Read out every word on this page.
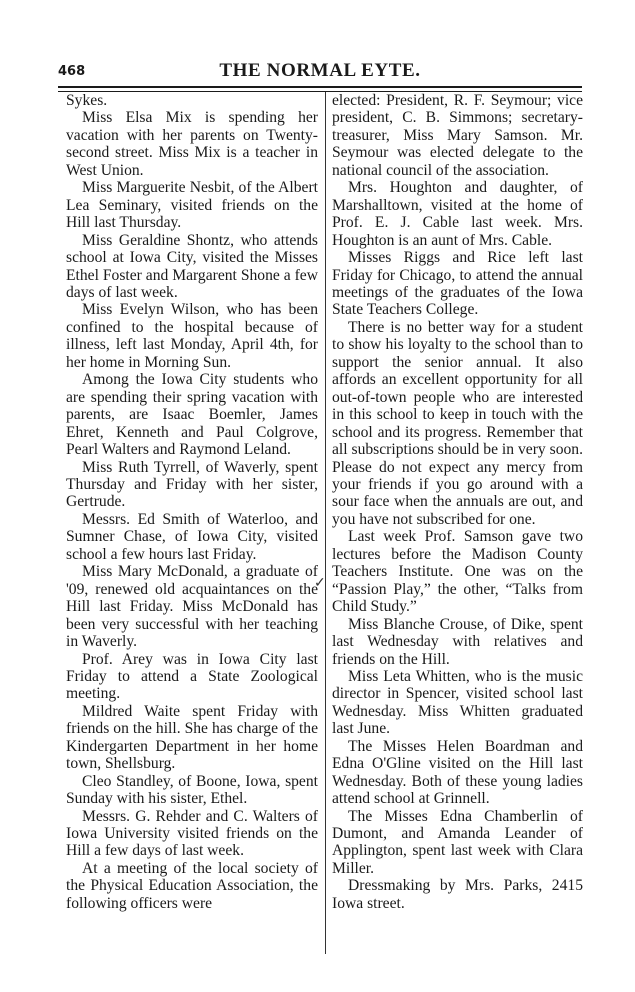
468	THE NORMAL EYTE.

Sykes.

Miss Elsa Mix is spending her vacation with her parents on Twenty-second street. Miss Mix is a teacher in West Union.

Miss Marguerite Nesbit, of the Albert Lea Seminary, visited friends on the Hill last Thursday.

Miss Geraldine Shontz, who attends school at Iowa City, visited the Misses Ethel Foster and Margarent Shone a few days of last week.

Miss Evelyn Wilson, who has been confined to the hospital because of illness, left last Monday, April 4th, for her home in Morning Sun.

Among the Iowa City students who are spending their spring vacation with parents, are Isaac Boemler, James Ehret, Kenneth and Paul Colgrove, Pearl Walters and Raymond Leland.

Miss Ruth Tyrrell, of Waverly, spent Thursday and Friday with her sister, Gertrude.

Messrs. Ed Smith of Waterloo, and Sumner Chase, of Iowa City, visited school a few hours last Friday.

Miss Mary McDonald, a graduate of '09, renewed old acquaintances on the Hill last Friday. Miss McDonald has been very successful with her teaching in Waverly.

Prof. Arey was in Iowa City last Friday to attend a State Zoological meeting.

Mildred Waite spent Friday with friends on the hill. She has charge of the Kindergarten Department in her home town, Shellsburg.

Cleo Standley, of Boone, Iowa, spent Sunday with his sister, Ethel.

Messrs. G. Rehder and C. Walters of Iowa University visited friends on the Hill a few days of last week.

At a meeting of the local society of the Physical Education Association, the following officers were

✓

elected: President, R. F. Seymour; vice president, C. B. Simmons; secretary-treasurer, Miss Mary Samson. Mr. Seymour was elected delegate to the national council of the association.

Mrs. Houghton and daughter, of Marshalltown, visited at the home of Prof. E. J. Cable last week. Mrs. Houghton is an aunt of Mrs. Cable.

Misses Riggs and Rice left last Friday for Chicago, to attend the annual meetings of the graduates of the Iowa State Teachers College.

There is no better way for a student to show his loyalty to the school than to support the senior annual. It also affords an excellent opportunity for all out-of-town people who are interested in this school to keep in touch with the school and its progress. Remember that all subscriptions should be in very soon. Please do not expect any mercy from your friends if you go around with a sour face when the annuals are out, and you have not subscribed for one.

Last week Prof. Samson gave two lectures before the Madison County Teachers Institute. One was on the “Passion Play,” the other, “Talks from Child Study.”

Miss Blanche Crouse, of Dike, spent last Wednesday with relatives and friends on the Hill.

Miss Leta Whitten, who is the music director in Spencer, visited school last Wednesday. Miss Whitten graduated last June.

The Misses Helen Boardman and Edna O'Gline visited on the Hill last Wednesday. Both of these young ladies attend school at Grinnell.

The Misses Edna Chamberlin of Dumont, and Amanda Leander of Applington, spent last week with Clara Miller.

Dressmaking by Mrs. Parks, 2415 Iowa street.
